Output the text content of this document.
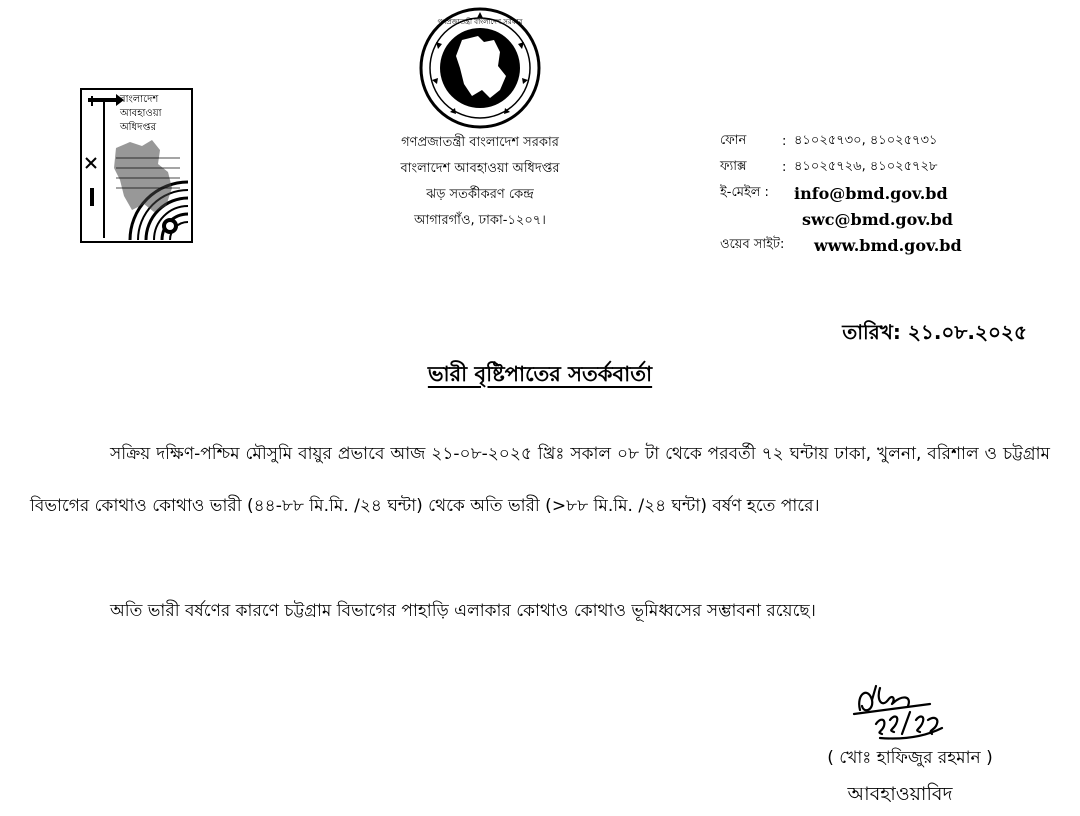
বাংলাদেশ
আবহাওয়া
অধিদপ্তর
গণপ্রজাতন্ত্রী বাংলাদেশ সরকার
গণপ্রজাতন্ত্রী বাংলাদেশ সরকার
বাংলাদেশ আবহাওয়া অধিদপ্তর
ঝড় সতর্কীকরণ কেন্দ্র
আগারগাঁও, ঢাকা-১২০৭।
ফোন	: ৪১০২৫৭৩০, ৪১০২৫৭৩১
ফ্যাক্স	: ৪১০২৫৭২৬, ৪১০২৫৭২৮
ই-মেইল :	info@bmd.gov.bd
swc@bmd.gov.bd
ওয়েব সাইট:	www.bmd.gov.bd
তারিখ: ২১.০৮.২০২৫
ভারী বৃষ্টিপাতের সতর্কবার্তা
সক্রিয় দক্ষিণ-পশ্চিম মৌসুমি বায়ুর প্রভাবে আজ ২১-০৮-২০২৫ খ্রিঃ সকাল ০৮ টা থেকে পরবর্তী ৭২ ঘন্টায় ঢাকা, খুলনা, বরিশাল ও চট্টগ্রাম বিভাগের কোথাও কোথাও ভারী (৪৪-৮৮ মি.মি. /২৪ ঘন্টা) থেকে অতি ভারী (>৮৮ মি.মি. /২৪ ঘন্টা) বর্ষণ হতে পারে।
অতি ভারী বর্ষণের কারণে চট্টগ্রাম বিভাগের পাহাড়ি এলাকার কোথাও কোথাও ভূমিধ্বসের সম্ভাবনা রয়েছে।
( খোঃ হাফিজুর রহমান )
আবহাওয়াবিদ
